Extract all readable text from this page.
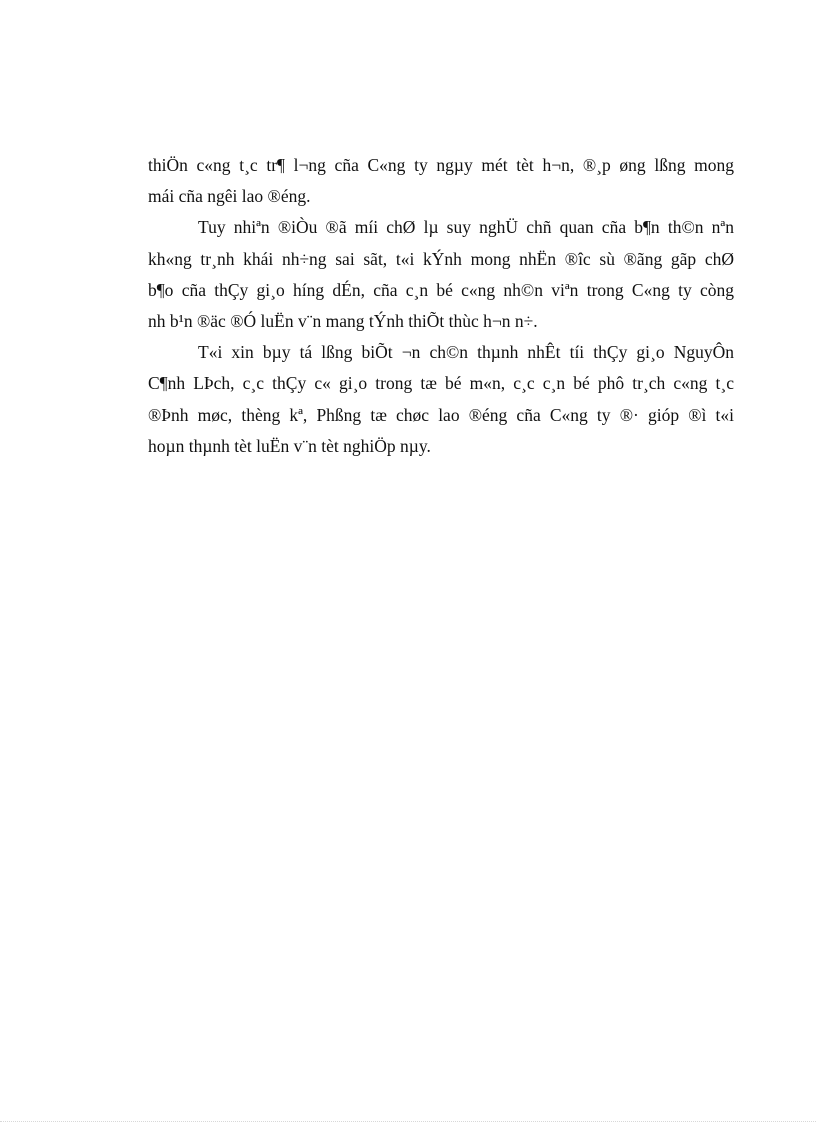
thiÖn c«ng t¸c tr¶ l¬ng cña C«ng ty ngµy mét tèt h¬n, ®¸p øng lßng mong
mái cña ngêi lao ®éng.
Tuy nhiªn ®iÒu ®ã míi chØ lµ suy nghÜ chñ quan cña b¶n th©n nªn
kh«ng tr¸nh khái nh÷ng sai sãt, t«i kÝnh mong nhËn ®îc sù ®ãng gãp chØ
b¶o cña thÇy gi¸o híng dÉn, cña c¸n bé c«ng nh©n viªn trong C«ng ty còng
nh b¹n ®äc ®Ó luËn v¨n mang tÝnh thiÕt thùc h¬n n÷.
T«i xin bµy tá lßng biÕt ¬n ch©n thµnh nhÊt tíi thÇy gi¸o NguyÔn
C¶nh LÞch, c¸c thÇy c« gi¸o trong tæ bé m«n, c¸c c¸n bé phô tr¸ch c«ng t¸c
®Þnh møc, thèng kª, Phßng tæ chøc lao ®éng cña C«ng ty ®· gióp ®ì t«i
hoµn thµnh tèt luËn v¨n tèt nghiÖp nµy.
